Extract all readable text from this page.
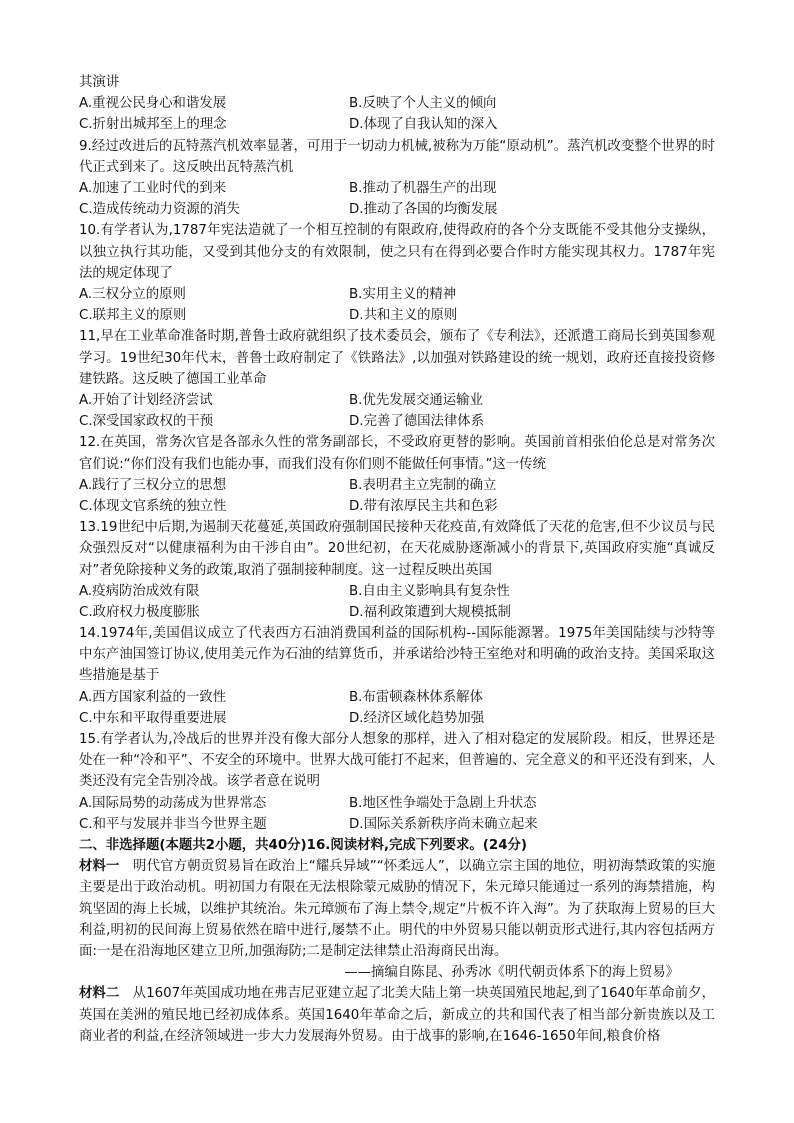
其演讲
A.重视公民身心和谐发展	B.反映了个人主义的倾向
C.折射出城邦至上的理念	D.体现了自我认知的深入
9.经过改进后的瓦特蒸汽机效率显著，可用于一切动力机械,被称为万能“原动机”。蒸汽机改变整个世界的时代正式到来了。这反映出瓦特蒸汽机
A.加速了工业时代的到来	B.推动了机器生产的出现
C.造成传统动力资源的消失	D.推动了各国的均衡发展
10.有学者认为,1787年宪法造就了一个相互控制的有限政府,使得政府的各个分支既能不受其他分支操纵，以独立执行其功能，又受到其他分支的有效限制，使之只有在得到必要合作时方能实现其权力。1787年宪法的规定体现了
A.三权分立的原则	B.实用主义的精神
C.联邦主义的原则	D.共和主义的原则
11,早在工业革命准备时期,普鲁士政府就组织了技术委员会，颁布了《专利法》，还派遣工商局长到英国参观学习。19世纪30年代末，普鲁士政府制定了《铁路法》,以加强对铁路建设的统一规划，政府还直接投资修建铁路。这反映了德国工业革命
A.开始了计划经济尝试	B.优先发展交通运输业
C.深受国家政权的干预	D.完善了德国法律体系
12.在英国，常务次官是各部永久性的常务副部长，不受政府更替的影响。英国前首相张伯伦总是对常务次官们说:“你们没有我们也能办事，而我们没有你们则不能做任何事情。”这一传统
A.践行了三权分立的思想	B.表明君主立宪制的确立
C.体现文官系统的独立性	D.带有浓厚民主共和色彩
13.19世纪中后期,为遏制天花蔓延,英国政府强制国民接种天花疫苗,有效降低了天花的危害,但不少议员与民众强烈反对“以健康福利为由干涉自由”。20世纪初，在天花威胁逐渐减小的背景下,英国政府实施“真诚反对”者免除接种义务的政策,取消了强制接种制度。这一过程反映出英国
A.疫病防治成效有限	B.自由主义影响具有复杂性
C.政府权力极度膨胀	D.福利政策遭到大规模抵制
14.1974年,美国倡议成立了代表西方石油消费国利益的国际机构--国际能源署。1975年美国陆续与沙特等中东产油国签订协议,使用美元作为石油的结算货币，并承诺给沙特王室绝对和明确的政治支持。美国采取这些措施是基于
A.西方国家利益的一致性	B.布雷顿森林体系解体
C.中东和平取得重要进展	D.经济区域化趋势加强
15.有学者认为,冷战后的世界并没有像大部分人想象的那样，进入了相对稳定的发展阶段。相反，世界还是处在一种“冷和平”、不安全的环境中。世界大战可能打不起来，但普遍的、完全意义的和平还没有到来，人类还没有完全告别冷战。该学者意在说明
A.国际局势的动荡成为世界常态	B.地区性争端处于急剧上升状态
C.和平与发展并非当今世界主题	D.国际关系新秩序尚未确立起来
二、非选择题(本题共2小题，共40分)16.阅读材料,完成下列要求。(24分)
材料一　明代官方朝贡贸易旨在政治上“耀兵异域”“怀柔远人”，以确立宗主国的地位，明初海禁政策的实施主要是出于政治动机。明初国力有限在无法根除蒙元威胁的情况下，朱元璋只能通过一系列的海禁措施，构筑坚固的海上长城，以维护其统治。朱元璋颁布了海上禁令,规定“片板不许入海”。为了获取海上贸易的巨大利益,明初的民间海上贸易依然在暗中进行,屡禁不止。明代的中外贸易只能以朝贡形式进行,其内容包括两方面:一是在沿海地区建立卫所,加强海防;二是制定法律禁止沿海商民出海。
——摘编自陈昆、孙秀冰《明代朝贡体系下的海上贸易》
材料二　从1607年英国成功地在弗吉尼亚建立起了北美大陆上第一块英国殖民地起,到了1640年革命前夕，英国在美洲的殖民地已经初成体系。英国1640年革命之后，新成立的共和国代表了相当部分新贵族以及工商业者的利益,在经济领域进一步大力发展海外贸易。由于战事的影响,在1646-1650年间,粮食价格
